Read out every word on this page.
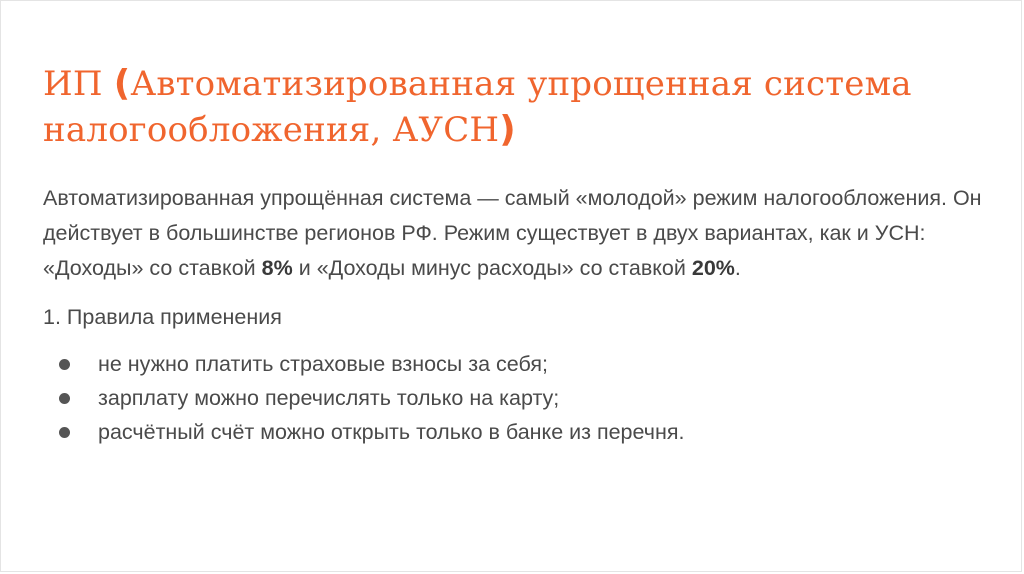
ИП (Автоматизированная упрощенная система налогообложения, АУСН)

Автоматизированная упрощённая система — самый «молодой» режим налогообложения. Он действует в большинстве регионов РФ. Режим существует в двух вариантах, как и УСН: «Доходы» со ставкой 8% и «Доходы минус расходы» со ставкой 20%.

1. Правила применения

не нужно платить страховые взносы за себя;
зарплату можно перечислять только на карту;
расчётный счёт можно открыть только в банке из перечня.
